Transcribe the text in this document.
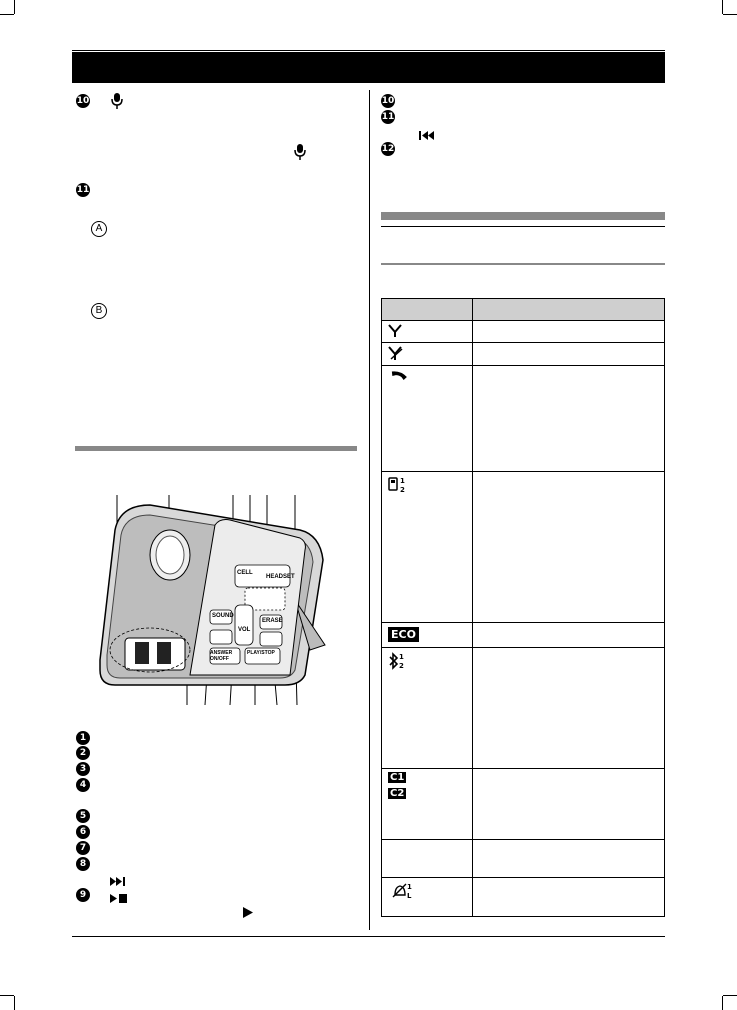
10
11
A
B
CELL
HEADSET
SOUND
ERASE
VOL
ANSWER ON/OFF
PLAY/STOP
1
2
3
4
5
6
7
8
9
10
11
12
1
2
ECO
1
2
C1
C2
1
L
